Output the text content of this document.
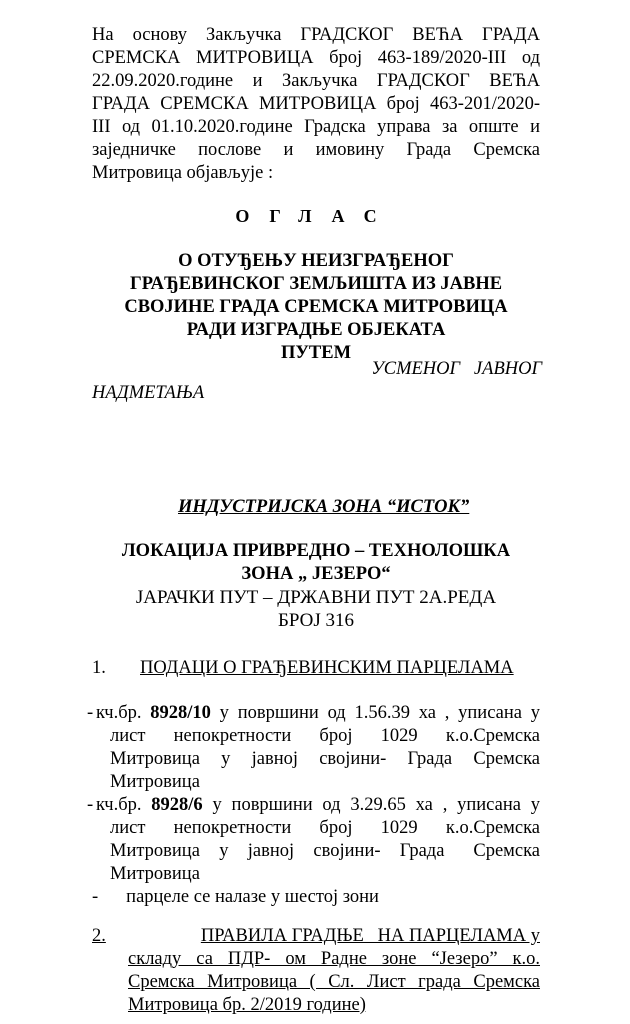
На основу Закључка ГРАДСКОГ ВЕЋА ГРАДА
СРЕМСКА МИТРОВИЦА број 463-189/2020-III од
22.09.2020.године и Закључка ГРАДСКОГ ВЕЋА
ГРАДА СРЕМСКА МИТРОВИЦА број 463-201/2020-
III од 01.10.2020.године Градска управа за опште и
заједничке послове и имовину Града Сремска
Митровица објављује :
ОГЛАС
О ОТУЂЕЊУ НЕИЗГРАЂЕНОГ
ГРАЂЕВИНСКОГ ЗЕМЉИШТА ИЗ ЈАВНЕ
СВОЈИНЕ ГРАДА СРЕМСКА МИТРОВИЦА
РАДИ ИЗГРАДЊЕ ОБЈЕКАТА
ПУТЕМ
УСМЕНОГ   ЈАВНОГ
НАДМЕТАЊА
ИНДУСТРИЈСКА ЗОНА “ИСТОК”
ЛОКАЦИЈА ПРИВРЕДНО – ТЕХНОЛОШКА
ЗОНА „ ЈЕЗЕРО“
ЈАРАЧКИ ПУТ – ДРЖАВНИ ПУТ 2А.РЕДА
БРОЈ 316
1. ПОДАЦИ О ГРАЂЕВИНСКИМ ПАРЦЕЛАМА
- кч.бр. 8928/10 у површини од 1.56.39 ха , уписана у
лист    непокретности    број    1029    к.о.Сремска
Митровица  у  јавној  својини-  Града  Сремска
Митровица
- кч.бр. 8928/6 у површини од 3.29.65 ха , уписана у
лист    непокретности    број    1029    к.о.Сремска
Митровица  у  јавној  својини-  Града   Сремска
Митровица
- парцеле се налазе у шестој зони
2.	ПРАВИЛА ГРАДЊЕ   НА ПАРЦЕЛАМА у
складу са ПДР- ом Радне зоне “Језеро” к.о.
Сремска Митровица ( Сл. Лист града Сремска
Митровица бр. 2/2019 године)
